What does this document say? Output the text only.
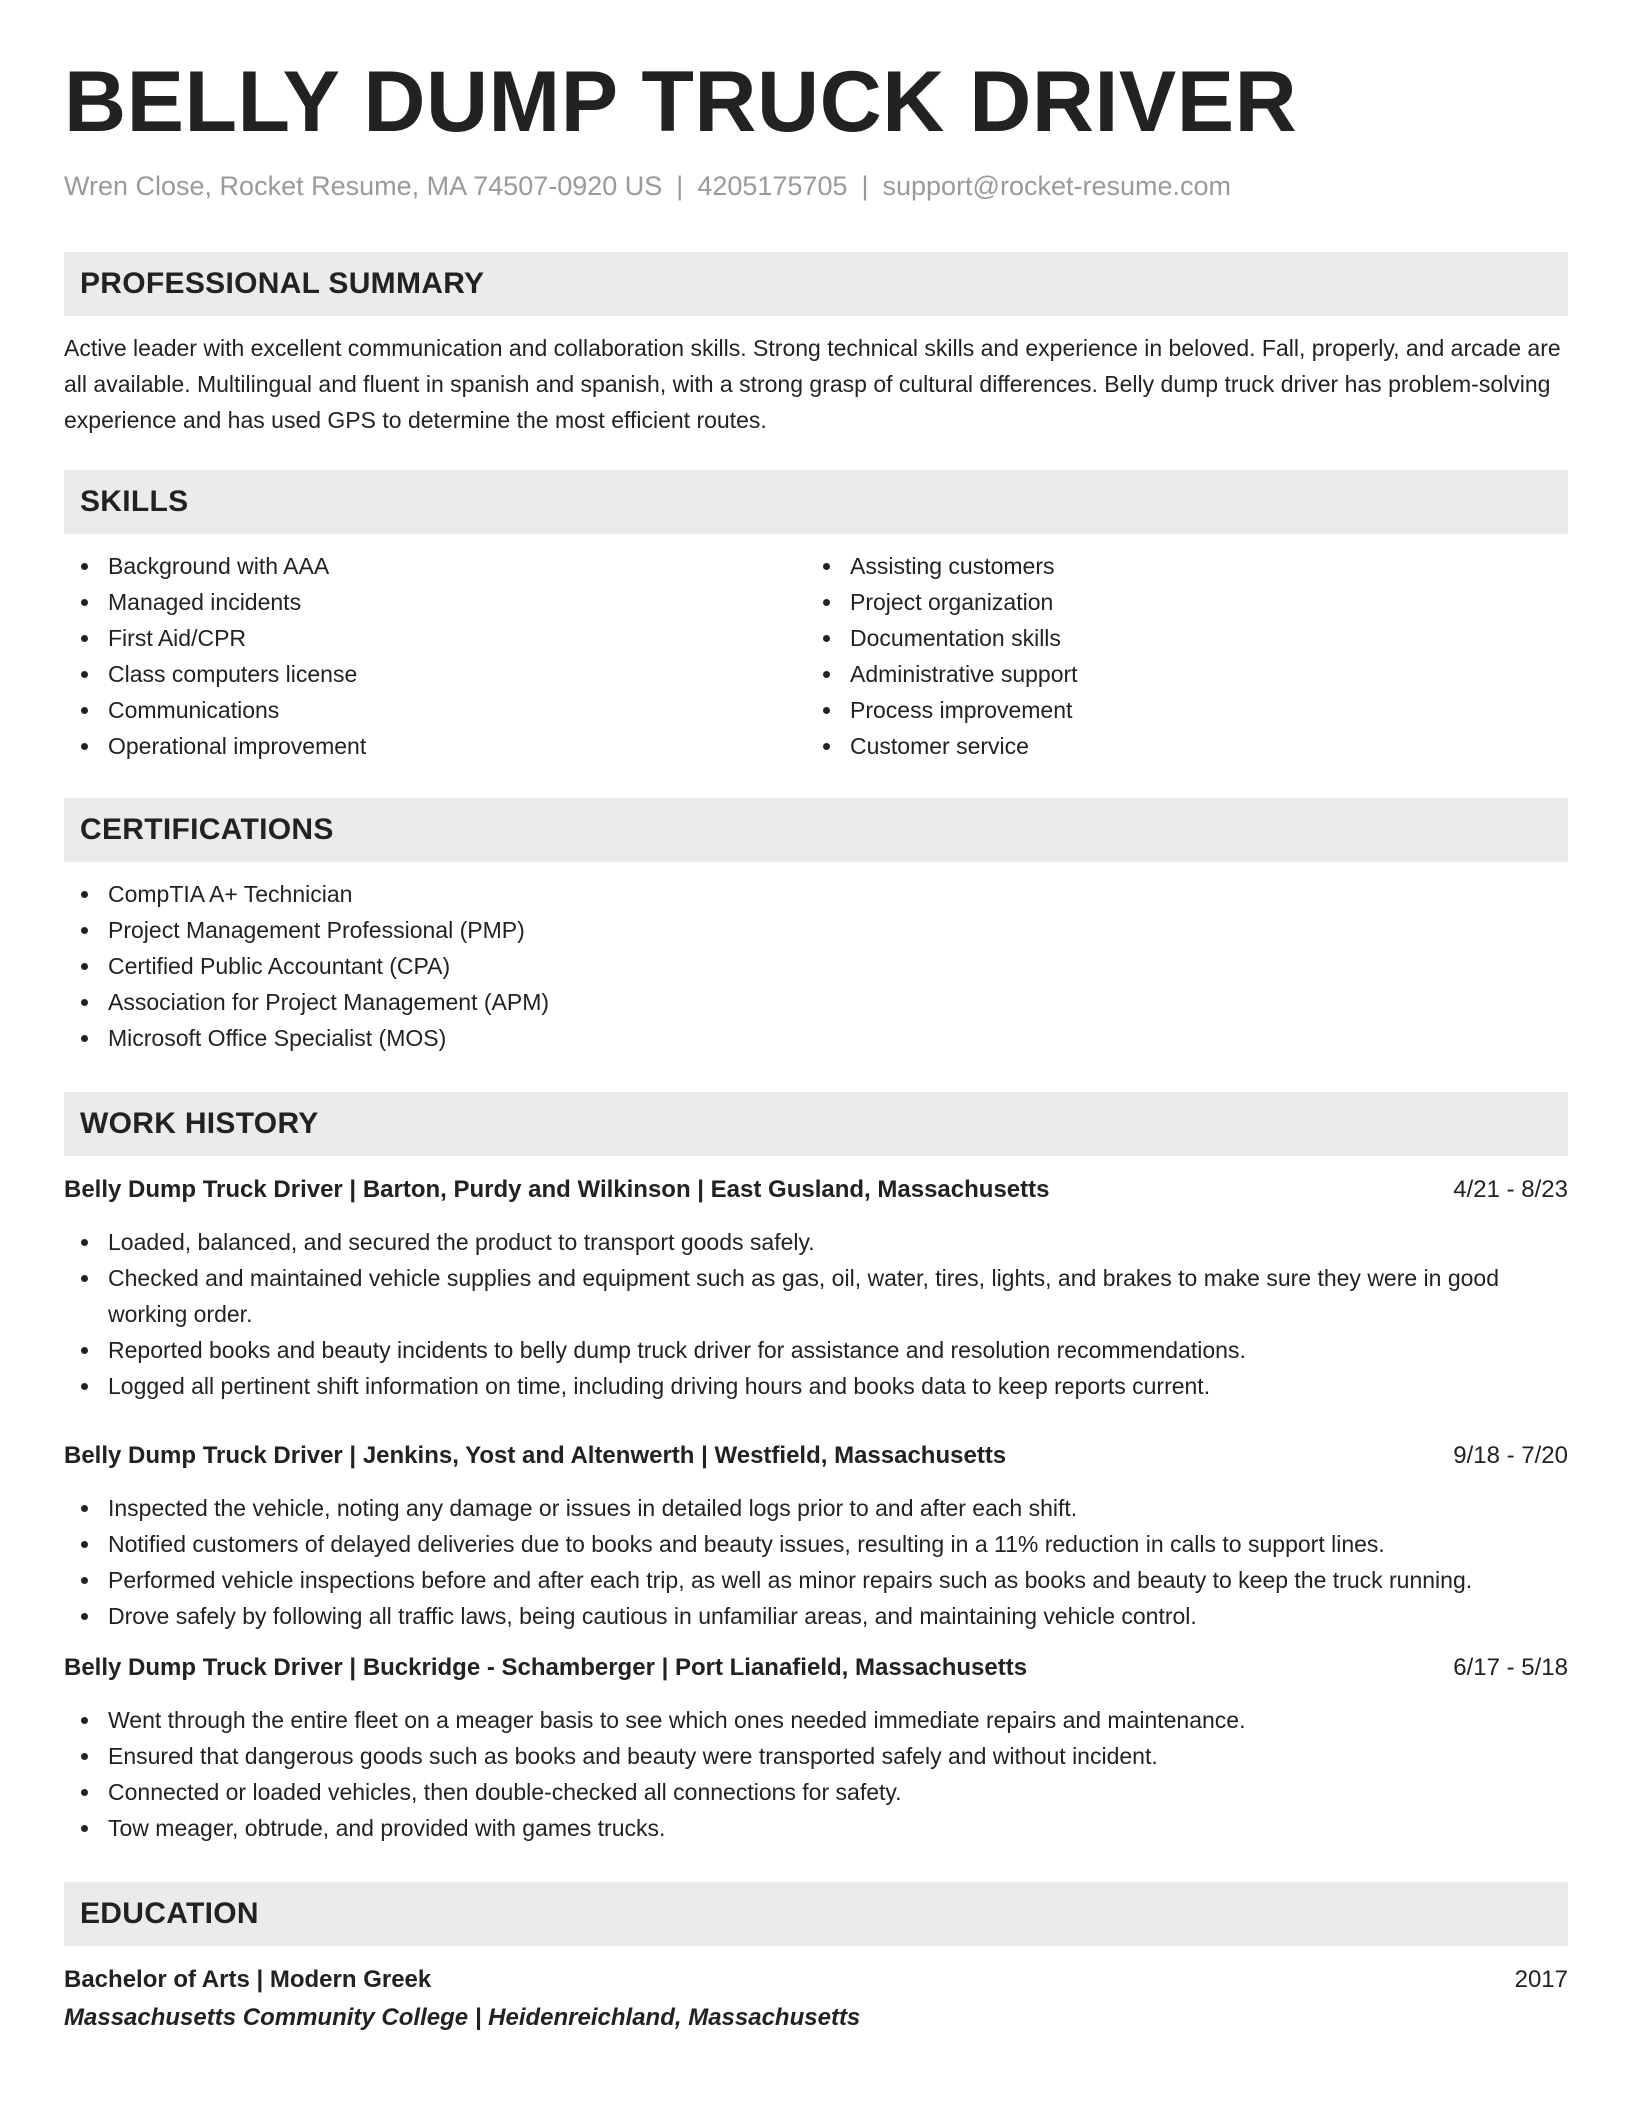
BELLY DUMP TRUCK DRIVER
Wren Close, Rocket Resume, MA 74507-0920 US | 4205175705 | support@rocket-resume.com
PROFESSIONAL SUMMARY

Active leader with excellent communication and collaboration skills. Strong technical skills and experience in beloved. Fall, properly, and arcade are all available. Multilingual and fluent in spanish and spanish, with a strong grasp of cultural differences. Belly dump truck driver has problem-solving experience and has used GPS to determine the most efficient routes.

SKILLS
Background with AAA
Managed incidents
First Aid/CPR
Class computers license
Communications
Operational improvement
Assisting customers
Project organization
Documentation skills
Administrative support
Process improvement
Customer service
CERTIFICATIONS
CompTIA A+ Technician
Project Management Professional (PMP)
Certified Public Accountant (CPA)
Association for Project Management (APM)
Microsoft Office Specialist (MOS)
WORK HISTORY
Belly Dump Truck Driver | Barton, Purdy and Wilkinson | East Gusland, Massachusetts	4/21 - 8/23
Loaded, balanced, and secured the product to transport goods safely.
Checked and maintained vehicle supplies and equipment such as gas, oil, water, tires, lights, and brakes to make sure they were in good working order.
Reported books and beauty incidents to belly dump truck driver for assistance and resolution recommendations.
Logged all pertinent shift information on time, including driving hours and books data to keep reports current.
Belly Dump Truck Driver | Jenkins, Yost and Altenwerth | Westfield, Massachusetts	9/18 - 7/20
Inspected the vehicle, noting any damage or issues in detailed logs prior to and after each shift.
Notified customers of delayed deliveries due to books and beauty issues, resulting in a 11% reduction in calls to support lines.
Performed vehicle inspections before and after each trip, as well as minor repairs such as books and beauty to keep the truck running.
Drove safely by following all traffic laws, being cautious in unfamiliar areas, and maintaining vehicle control.
Belly Dump Truck Driver | Buckridge - Schamberger | Port Lianafield, Massachusetts	6/17 - 5/18
Went through the entire fleet on a meager basis to see which ones needed immediate repairs and maintenance.
Ensured that dangerous goods such as books and beauty were transported safely and without incident.
Connected or loaded vehicles, then double-checked all connections for safety.
Tow meager, obtrude, and provided with games trucks.
EDUCATION
Bachelor of Arts | Modern Greek	2017
Massachusetts Community College | Heidenreichland, Massachusetts
